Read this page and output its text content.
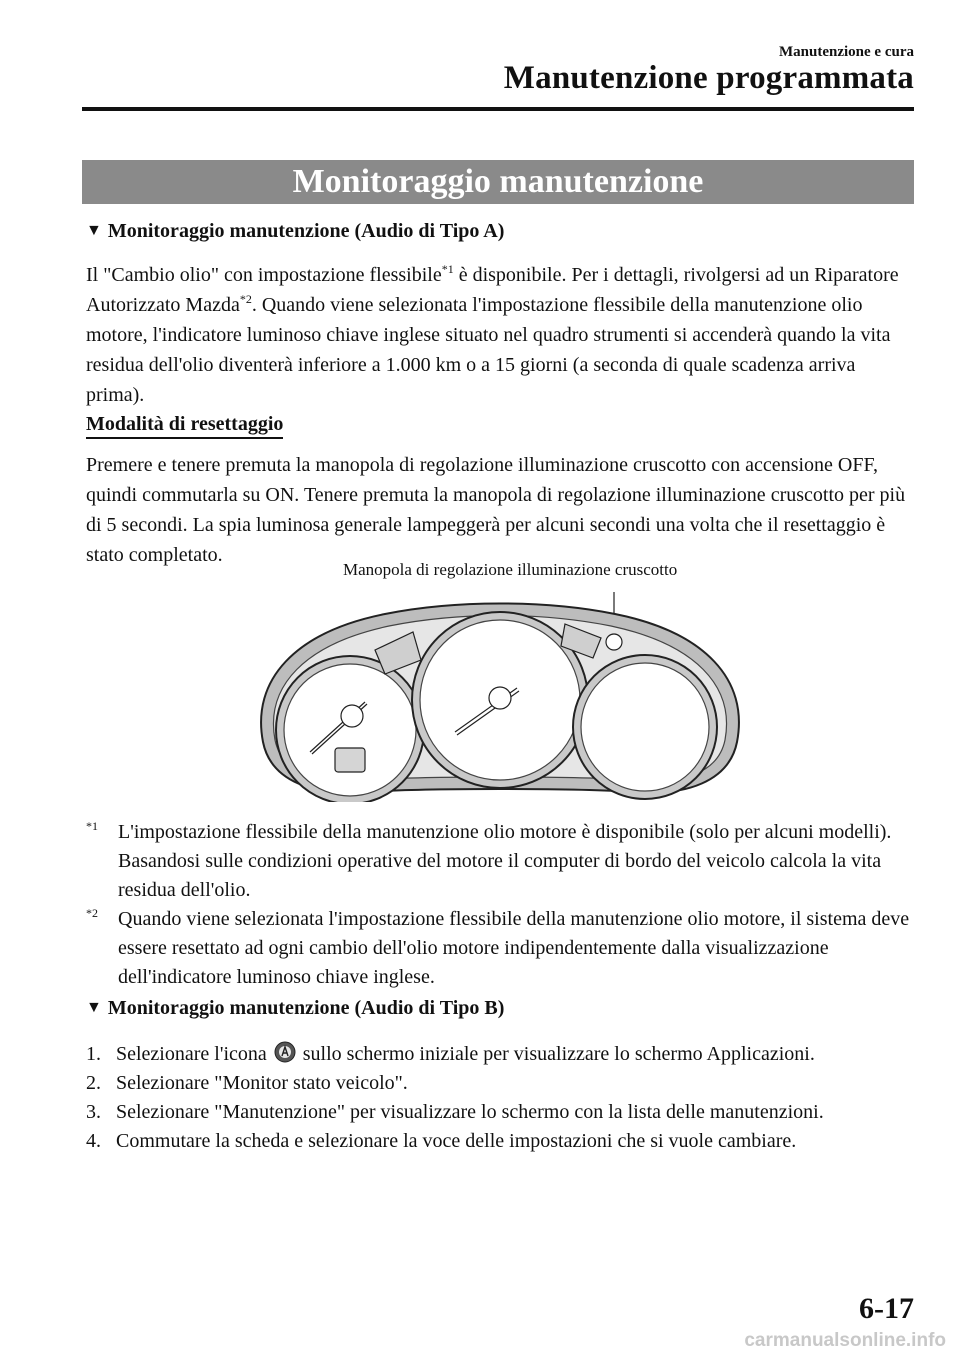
Manutenzione e cura
Manutenzione programmata
Monitoraggio manutenzione
▼ Monitoraggio manutenzione (Audio di Tipo A)
Il "Cambio olio" con impostazione flessibile$^{*1}$ è disponibile. Per i dettagli, rivolgersi ad un Riparatore Autorizzato Mazda$^{*2}$. Quando viene selezionata l'impostazione flessibile della manutenzione olio motore, l'indicatore luminoso chiave inglese situato nel quadro strumenti si accenderà quando la vita residua dell'olio diventerà inferiore a 1.000 km o a 15 giorni (a seconda di quale scadenza arriva prima).
Modalità di resettaggio
Premere e tenere premuta la manopola di regolazione illuminazione cruscotto con accensione OFF, quindi commutarla su ON. Tenere premuta la manopola di regolazione illuminazione cruscotto per più di 5 secondi. La spia luminosa generale lampeggerà per alcuni secondi una volta che il resettaggio è stato completato.
Manopola di regolazione illuminazione cruscotto
$^{*1}$ L'impostazione flessibile della manutenzione olio motore è disponibile (solo per alcuni modelli). Basandosi sulle condizioni operative del motore il computer di bordo del veicolo calcola la vita residua dell'olio.
$^{*2}$ Quando viene selezionata l'impostazione flessibile della manutenzione olio motore, il sistema deve essere resettato ad ogni cambio dell'olio motore indipendentemente dalla visualizzazione dell'indicatore luminoso chiave inglese.
▼ Monitoraggio manutenzione (Audio di Tipo B)
1. Selezionare l'icona sullo schermo iniziale per visualizzare lo schermo Applicazioni.
2. Selezionare "Monitor stato veicolo".
3. Selezionare "Manutenzione" per visualizzare lo schermo con la lista delle manutenzioni.
4. Commutare la scheda e selezionare la voce delle impostazioni che si vuole cambiare.
6-17
carmanualsonline.info
